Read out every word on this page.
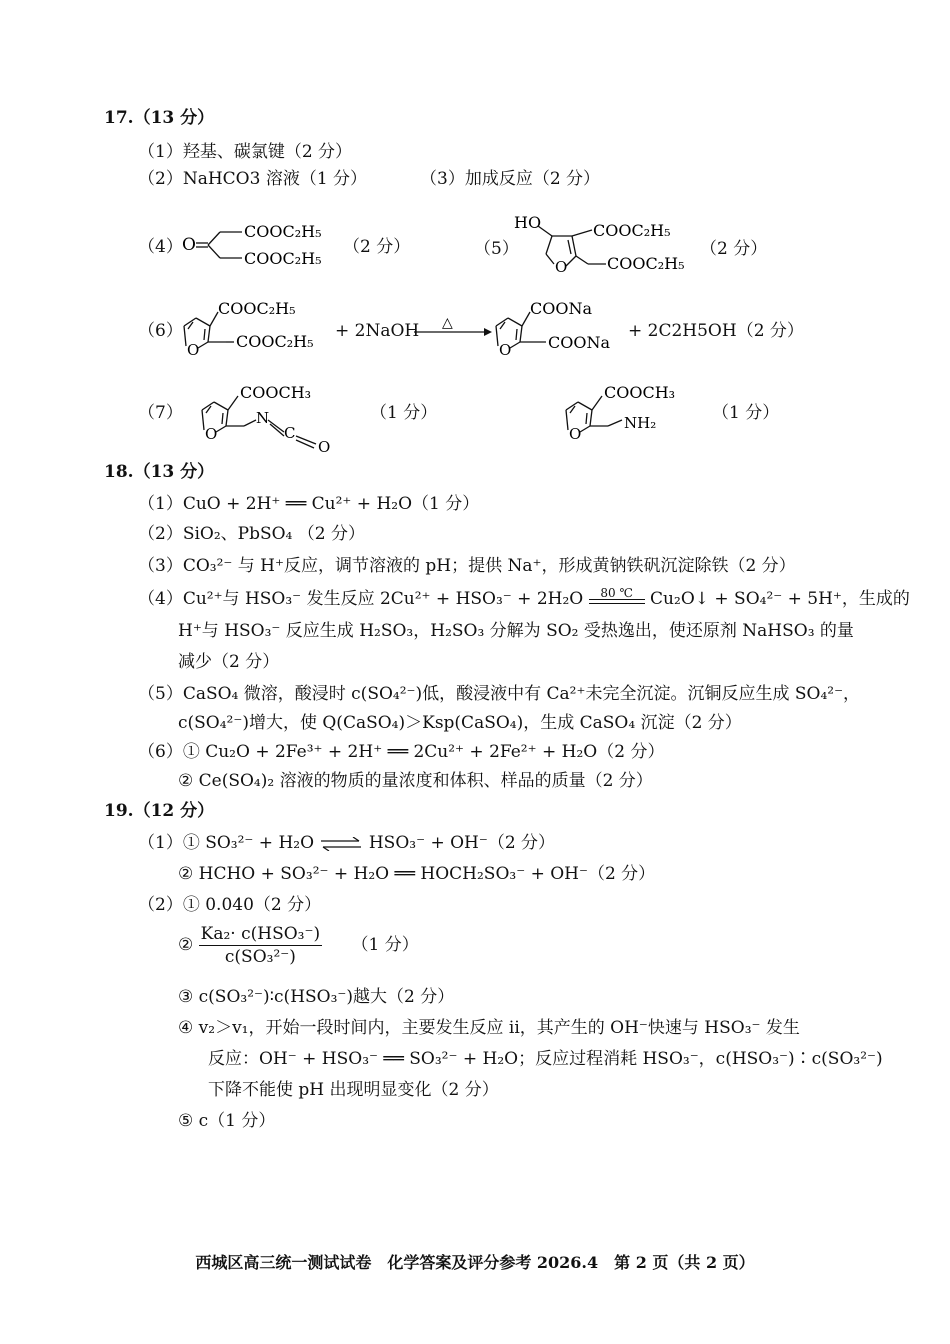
17.（13 分）
（1）羟基、碳氯键（2 分）
（2）NaHCO3 溶液（1 分）	（3）加成反应（2 分）
（4） O
COOC₂H₅
COOC₂H₅
（2 分）	（5）
HO
O
COOC₂H₅
COOC₂H₅
（2 分）
（6）
O
COOC₂H₅
COOC₂H₅
+ 2NaOH △
O
COONa
COONa
+ 2C2H5OH（2 分）
（7）
O
COOCH₃
N
C
O
（1 分）
O
COOCH₃
NH₂	（1 分）
18.（13 分）
（1）CuO + 2H⁺ ══ Cu²⁺ + H₂O（1 分）
（2）SiO₂、PbSO₄ （2 分）
（3）CO₃²⁻ 与 H⁺反应，调节溶液的 pH；提供 Na⁺，形成黄钠铁矾沉淀除铁（2 分）
（4）Cu²⁺与 HSO₃⁻ 发生反应 2Cu²⁺ + HSO₃⁻ + 2H₂O	80 ℃	Cu₂O↓ + SO₄²⁻ + 5H⁺，生成的
H⁺与 HSO₃⁻ 反应生成 H₂SO₃，H₂SO₃ 分解为 SO₂ 受热逸出，使还原剂 NaHSO₃ 的量
减少（2 分）
（5）CaSO₄ 微溶，酸浸时 c(SO₄²⁻)低，酸浸液中有 Ca²⁺未完全沉淀。沉铜反应生成 SO₄²⁻，
c(SO₄²⁻)增大，使 Q(CaSO₄)＞Ksp(CaSO₄)，生成 CaSO₄ 沉淀（2 分）
（6）① Cu₂O + 2Fe³⁺ + 2H⁺ ══ 2Cu²⁺ + 2Fe²⁺ + H₂O（2 分）
② Ce(SO₄)₂ 溶液的物质的量浓度和体积、样品的质量（2 分）
19.（12 分）
（1）① SO₃²⁻ + H₂O ⇌ HSO₃⁻ + OH⁻（2 分）
② HCHO + SO₃²⁻ + H₂O ══ HOCH₂SO₃⁻ + OH⁻（2 分）
（2）① 0.040（2 分）
② $\frac{\text{Ka₂· c(HSO₃⁻)}}{\text{c(SO₃²⁻)}} (1$ 分）
③ c(SO₃²⁻)∶c(HSO₃⁻)越大（2 分）
④ v₂＞v₁，开始一段时间内，主要发生反应 ii，其产生的 OH⁻快速与 HSO₃⁻ 发生
反应：OH⁻ + HSO₃⁻ ══ SO₃²⁻ + H₂O；反应过程消耗 HSO₃⁻，c(HSO₃⁻)∶c(SO₃²⁻)
下降不能使 pH 出现明显变化（2 分）
⑤ c（1 分）
西城区高三统一测试试卷　化学答案及评分参考 2026.4　第 2 页（共 2 页）
